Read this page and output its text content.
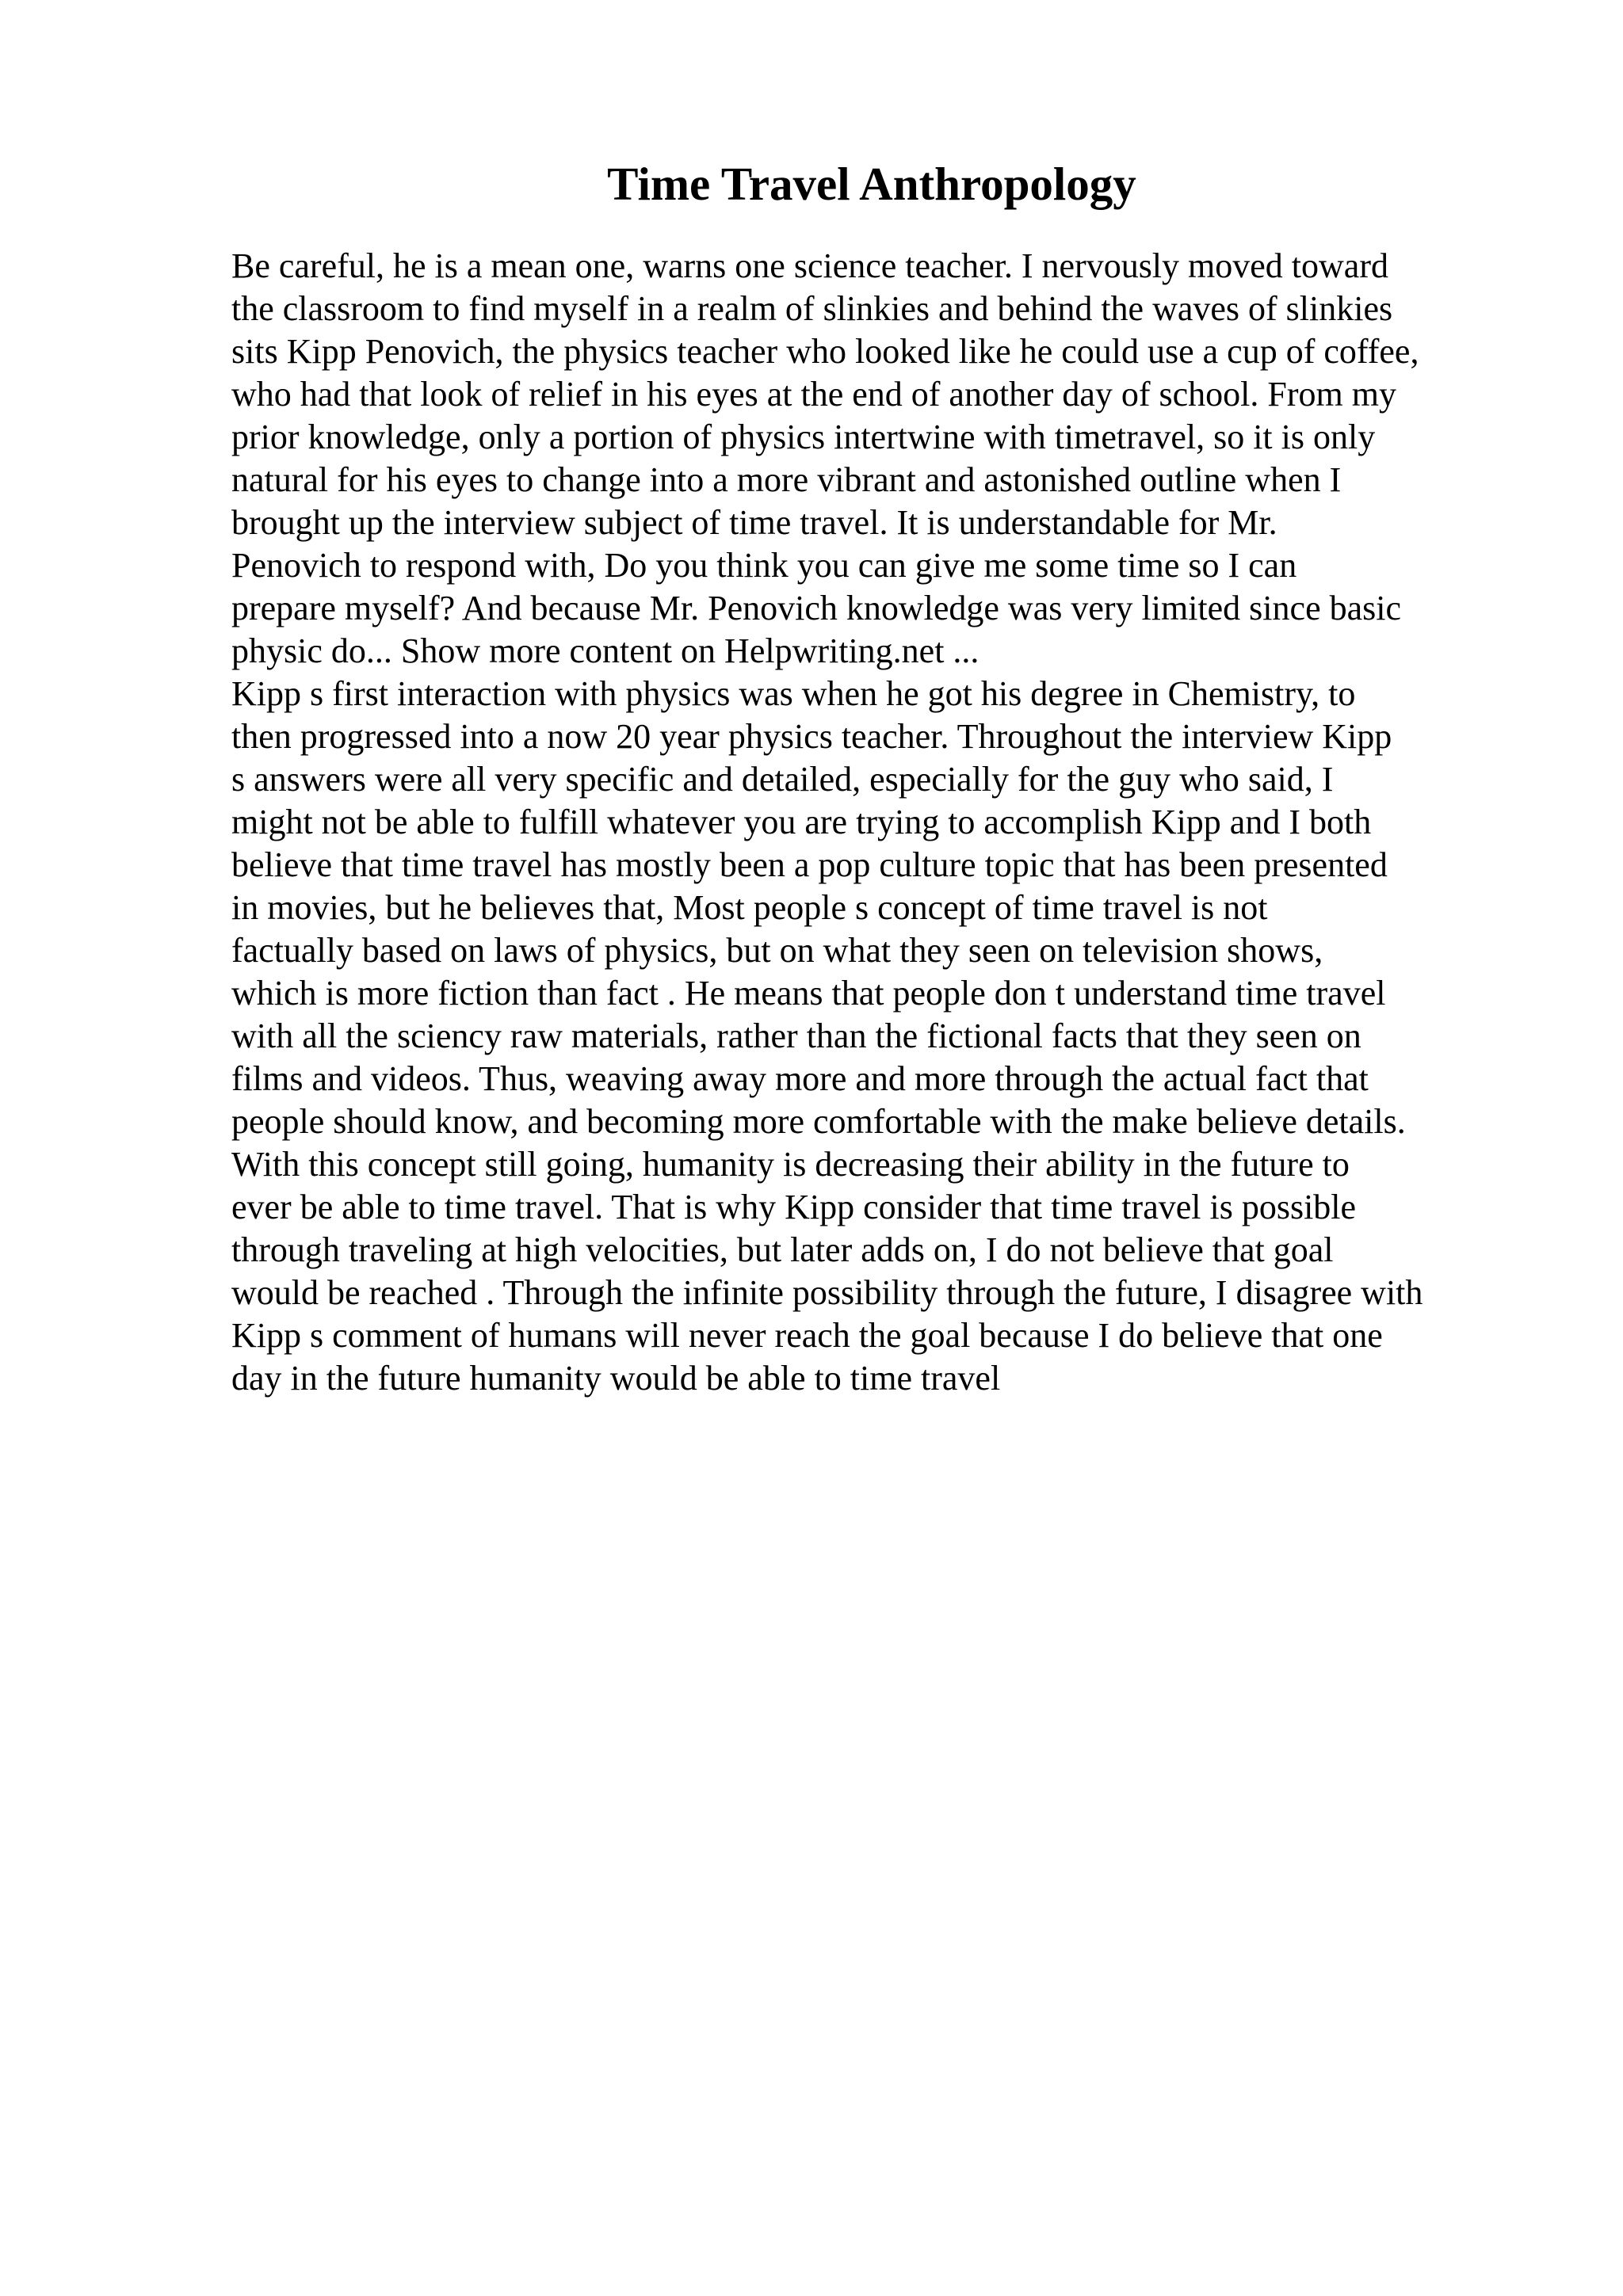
Time Travel Anthropology
Be careful, he is a mean one, warns one science teacher. I nervously moved toward
the classroom to find myself in a realm of slinkies and behind the waves of slinkies
sits Kipp Penovich, the physics teacher who looked like he could use a cup of coffee,
who had that look of relief in his eyes at the end of another day of school. From my
prior knowledge, only a portion of physics intertwine with timetravel, so it is only
natural for his eyes to change into a more vibrant and astonished outline when I
brought up the interview subject of time travel. It is understandable for Mr.
Penovich to respond with, Do you think you can give me some time so I can
prepare myself? And because Mr. Penovich knowledge was very limited since basic
physic do... Show more content on Helpwriting.net ...
Kipp s first interaction with physics was when he got his degree in Chemistry, to
then progressed into a now 20 year physics teacher. Throughout the interview Kipp
s answers were all very specific and detailed, especially for the guy who said, I
might not be able to fulfill whatever you are trying to accomplish Kipp and I both
believe that time travel has mostly been a pop culture topic that has been presented
in movies, but he believes that, Most people s concept of time travel is not
factually based on laws of physics, but on what they seen on television shows,
which is more fiction than fact . He means that people don t understand time travel
with all the sciency raw materials, rather than the fictional facts that they seen on
films and videos. Thus, weaving away more and more through the actual fact that
people should know, and becoming more comfortable with the make believe details.
With this concept still going, humanity is decreasing their ability in the future to
ever be able to time travel. That is why Kipp consider that time travel is possible
through traveling at high velocities, but later adds on, I do not believe that goal
would be reached . Through the infinite possibility through the future, I disagree with
Kipp s comment of humans will never reach the goal because I do believe that one
day in the future humanity would be able to time travel
